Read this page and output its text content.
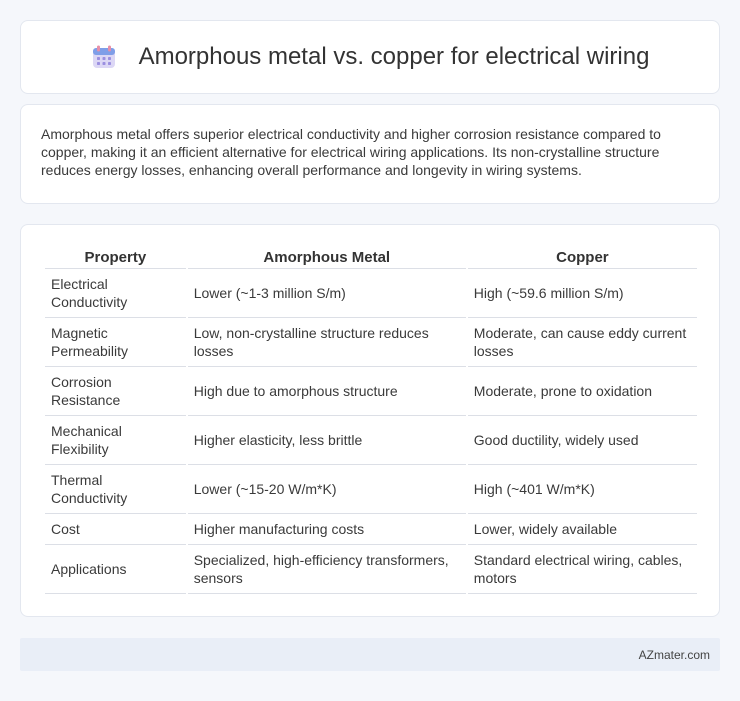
Amorphous metal vs. copper for electrical wiring

Amorphous metal offers superior electrical conductivity and higher corrosion resistance compared to copper, making it an efficient alternative for electrical wiring applications. Its non-crystalline structure reduces energy losses, enhancing overall performance and longevity in wiring systems.

Property	Amorphous Metal	Copper
Electrical Conductivity	Lower (~1-3 million S/m)	High (~59.6 million S/m)
Magnetic Permeability	Low, non-crystalline structure reduces losses	Moderate, can cause eddy current losses
Corrosion Resistance	High due to amorphous structure	Moderate, prone to oxidation
Mechanical Flexibility	Higher elasticity, less brittle	Good ductility, widely used
Thermal Conductivity	Lower (~15-20 W/m*K)	High (~401 W/m*K)
Cost	Higher manufacturing costs	Lower, widely available
Applications	Specialized, high-efficiency transformers, sensors	Standard electrical wiring, cables, motors
AZmater.com
